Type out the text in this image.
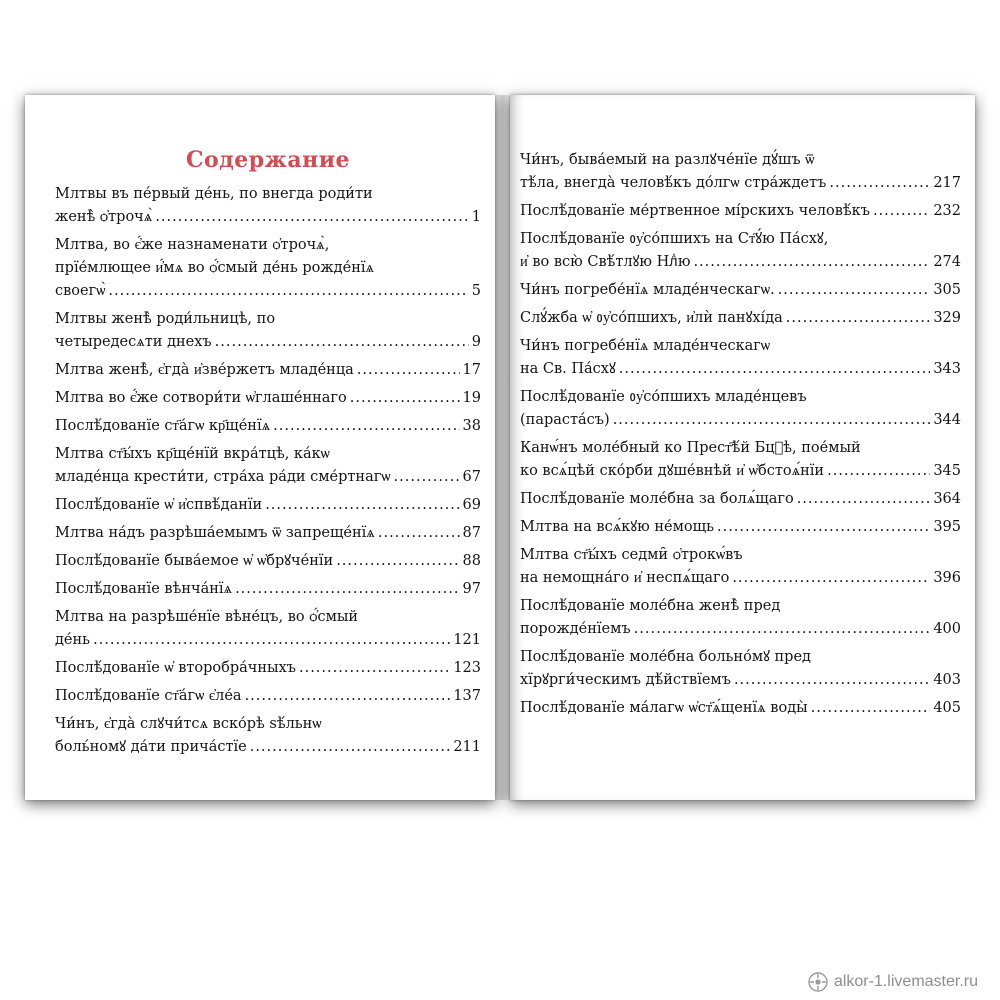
Содержание
Млтвы въ пе́рвый де́нь, по внегда роди́ти
женѣ̀ ѻ҆трочѧ̀ .....	1
Млтва, во є҆́же назнаменати ѻ҆трочѧ̀,
прїе́млющее и҆́мѧ во ѻ҆́смый де́нь рожде́нїѧ
своегѡ̀ .....	5
Млтвы женѣ̀ роди́льницѣ, по
четыредесѧти днехъ .....	9
Млтва женѣ̀, є҆гда̀ и҆зве́ржетъ младе́нца .....	17
Млтва во є҆́же сотвори́ти ѡ҆глаше́ннаго .....	19
Послѣ́дованїе ст҃а́гѡ кр҃ще́нїѧ .....	38
Млтва ст҃ы́хъ кр҃ще́нїй вкра́тцѣ, ка́кѡ
младе́нца крести́ти, стра́ха ра́ди сме́ртнагѡ .....	67
Послѣ́дованїе ѡ҆ и҆спвѣ́данїи .....	69
Млтва на́дъ разрѣша́емымъ ѿ запреще́нїѧ .....	87
Послѣ́дованїе быва́емое ѡ҆ ѡ҆брꙋче́нїи .....	88
Послѣ́дованїе вѣнча́нїѧ .....	97
Млтва на разрѣше́нїе вѣне́цъ, во ѻ҆́смый
де́нь .....	121
Послѣ́дованїе ѡ҆ второбра́чныхъ .....	123
Послѣ́дованїе ст҃а́гѡ є҆ле́а .....	137
Чи́нъ, є҆гда̀ слꙋчи́тсѧ вско́рѣ ѕѣ́льнѡ
боль́номꙋ да́ти прича́стїе .....	211
Чи́нъ, быва́емый на разлꙋче́нїе дꙋ́шъ ѿ
тѣ́ла, внегда̀ человѣ́къ до́лгѡ стра́ждетъ .....	217
Послѣ́дованїе ме́ртвенное мі́рскихъ человѣ́къ .....	232
Послѣ́дованїе ᲂу҆со́пшихъ на Ст҃ꙋ́ю Па́схꙋ,
и҆ во всю̀ Свѣ́тлꙋю Нлⷣю .....	274
Чи́нъ погребе́нїѧ младе́нческагѡ. .....	305
Слꙋ́жба ѡ҆ ᲂу҆со́пшихъ, и҆лѝ панꙋхі́да .....	329
Чи́нъ погребе́нїѧ младе́нческагѡ
на Св. Па́схꙋ .....	343
Послѣ́дованїе ᲂу҆со́пшихъ младе́нцевъ
(параста́съ) .....	344
Канѡ́нъ моле́бный ко Прест҃ѣ́й Бцⷣѣ, пое́мый
ко всѧ́цѣй ско́рби дꙋше́внѣй и҆ ѡ҆бстоѧ́нїи .....	345
Послѣ́дованїе моле́бна за болѧ́щаго .....	364
Млтва на всѧ́кꙋю не́мощь .....	395
Млтва ст҃ы́хъ седми̑ ѻ҆трокѡ́въ
на немощна́го и҆ неспѧ́щаго .....	396
Послѣ́дованїе моле́бна женѣ̀ пред
порожде́нїемъ .....	400
Послѣ́дованїе моле́бна больно́мꙋ пред
хїрꙋрги́ческимъ дѣ́йствїемъ .....	403
Послѣ́дованїе ма́лагѡ ѡ҆ст҃ѧ́щенїѧ воды̀ .....	405
alkor-1.livemaster.ru
